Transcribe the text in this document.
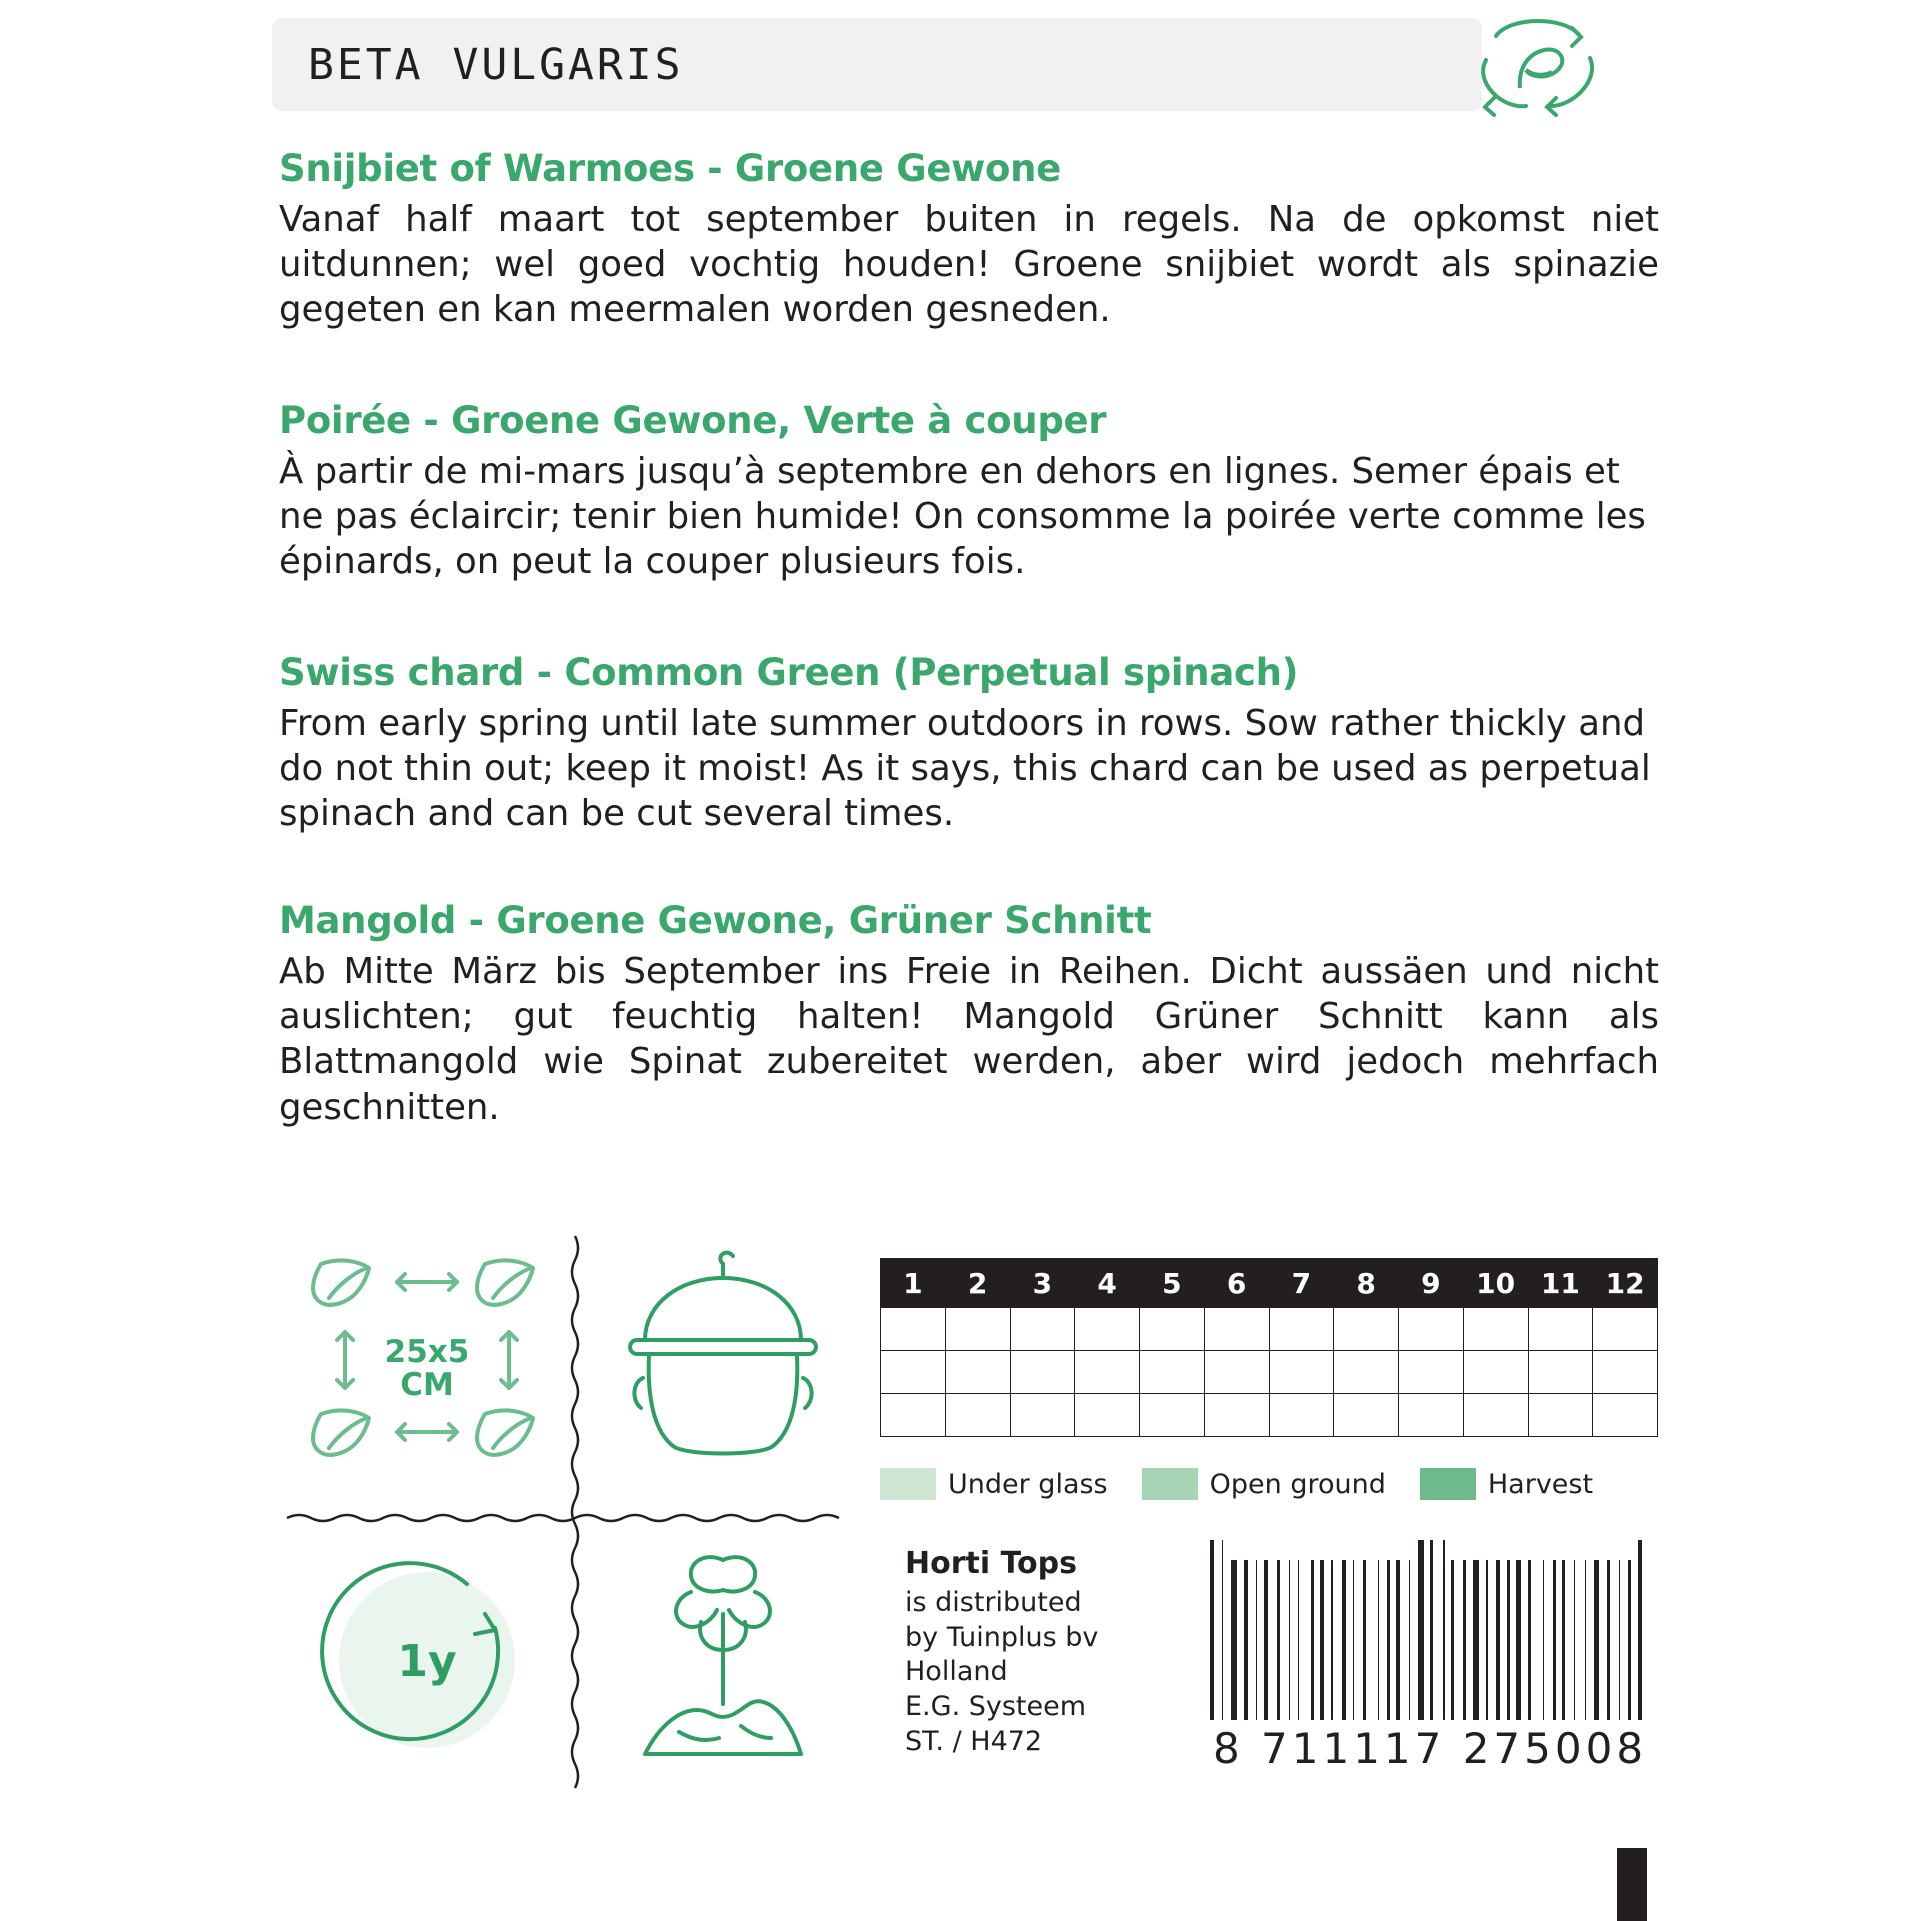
BETA VULGARIS
Snijbiet of Warmoes - Groene Gewone

Vanaf half maart tot september buiten in regels. Na de opkomst niet uitdunnen; wel goed vochtig houden! Groene snijbiet wordt als spinazie gegeten en kan meermalen worden gesneden.

Poirée - Groene Gewone, Verte à couper

À partir de mi-mars jusqu’à septembre en dehors en lignes. Semer épais et ne pas éclaircir; tenir bien humide! On consomme la poirée verte comme les épinards, on peut la couper plusieurs fois.

Swiss chard - Common Green (Perpetual spinach)

From early spring until late summer outdoors in rows. Sow rather thickly and do not thin out; keep it moist! As it says, this chard can be used as perpetual spinach and can be cut several times.

Mangold - Groene Gewone, Grüner Schnitt

Ab Mitte März bis September ins Freie in Reihen. Dicht aussäen und nicht auslichten; gut feuchtig halten! Mangold Grüner Schnitt kann als Blattmangold wie Spinat zubereitet werden, aber wird jedoch mehrfach geschnitten.

25x5
CM
1y
1	2	3	4	5	6	7	8	9	10	11	12

Under glass	Open ground	Harvest
Horti Tops
is distributed
by Tuinplus bv
Holland
E.G. Systeem
ST. / H472	8 711117 275008
